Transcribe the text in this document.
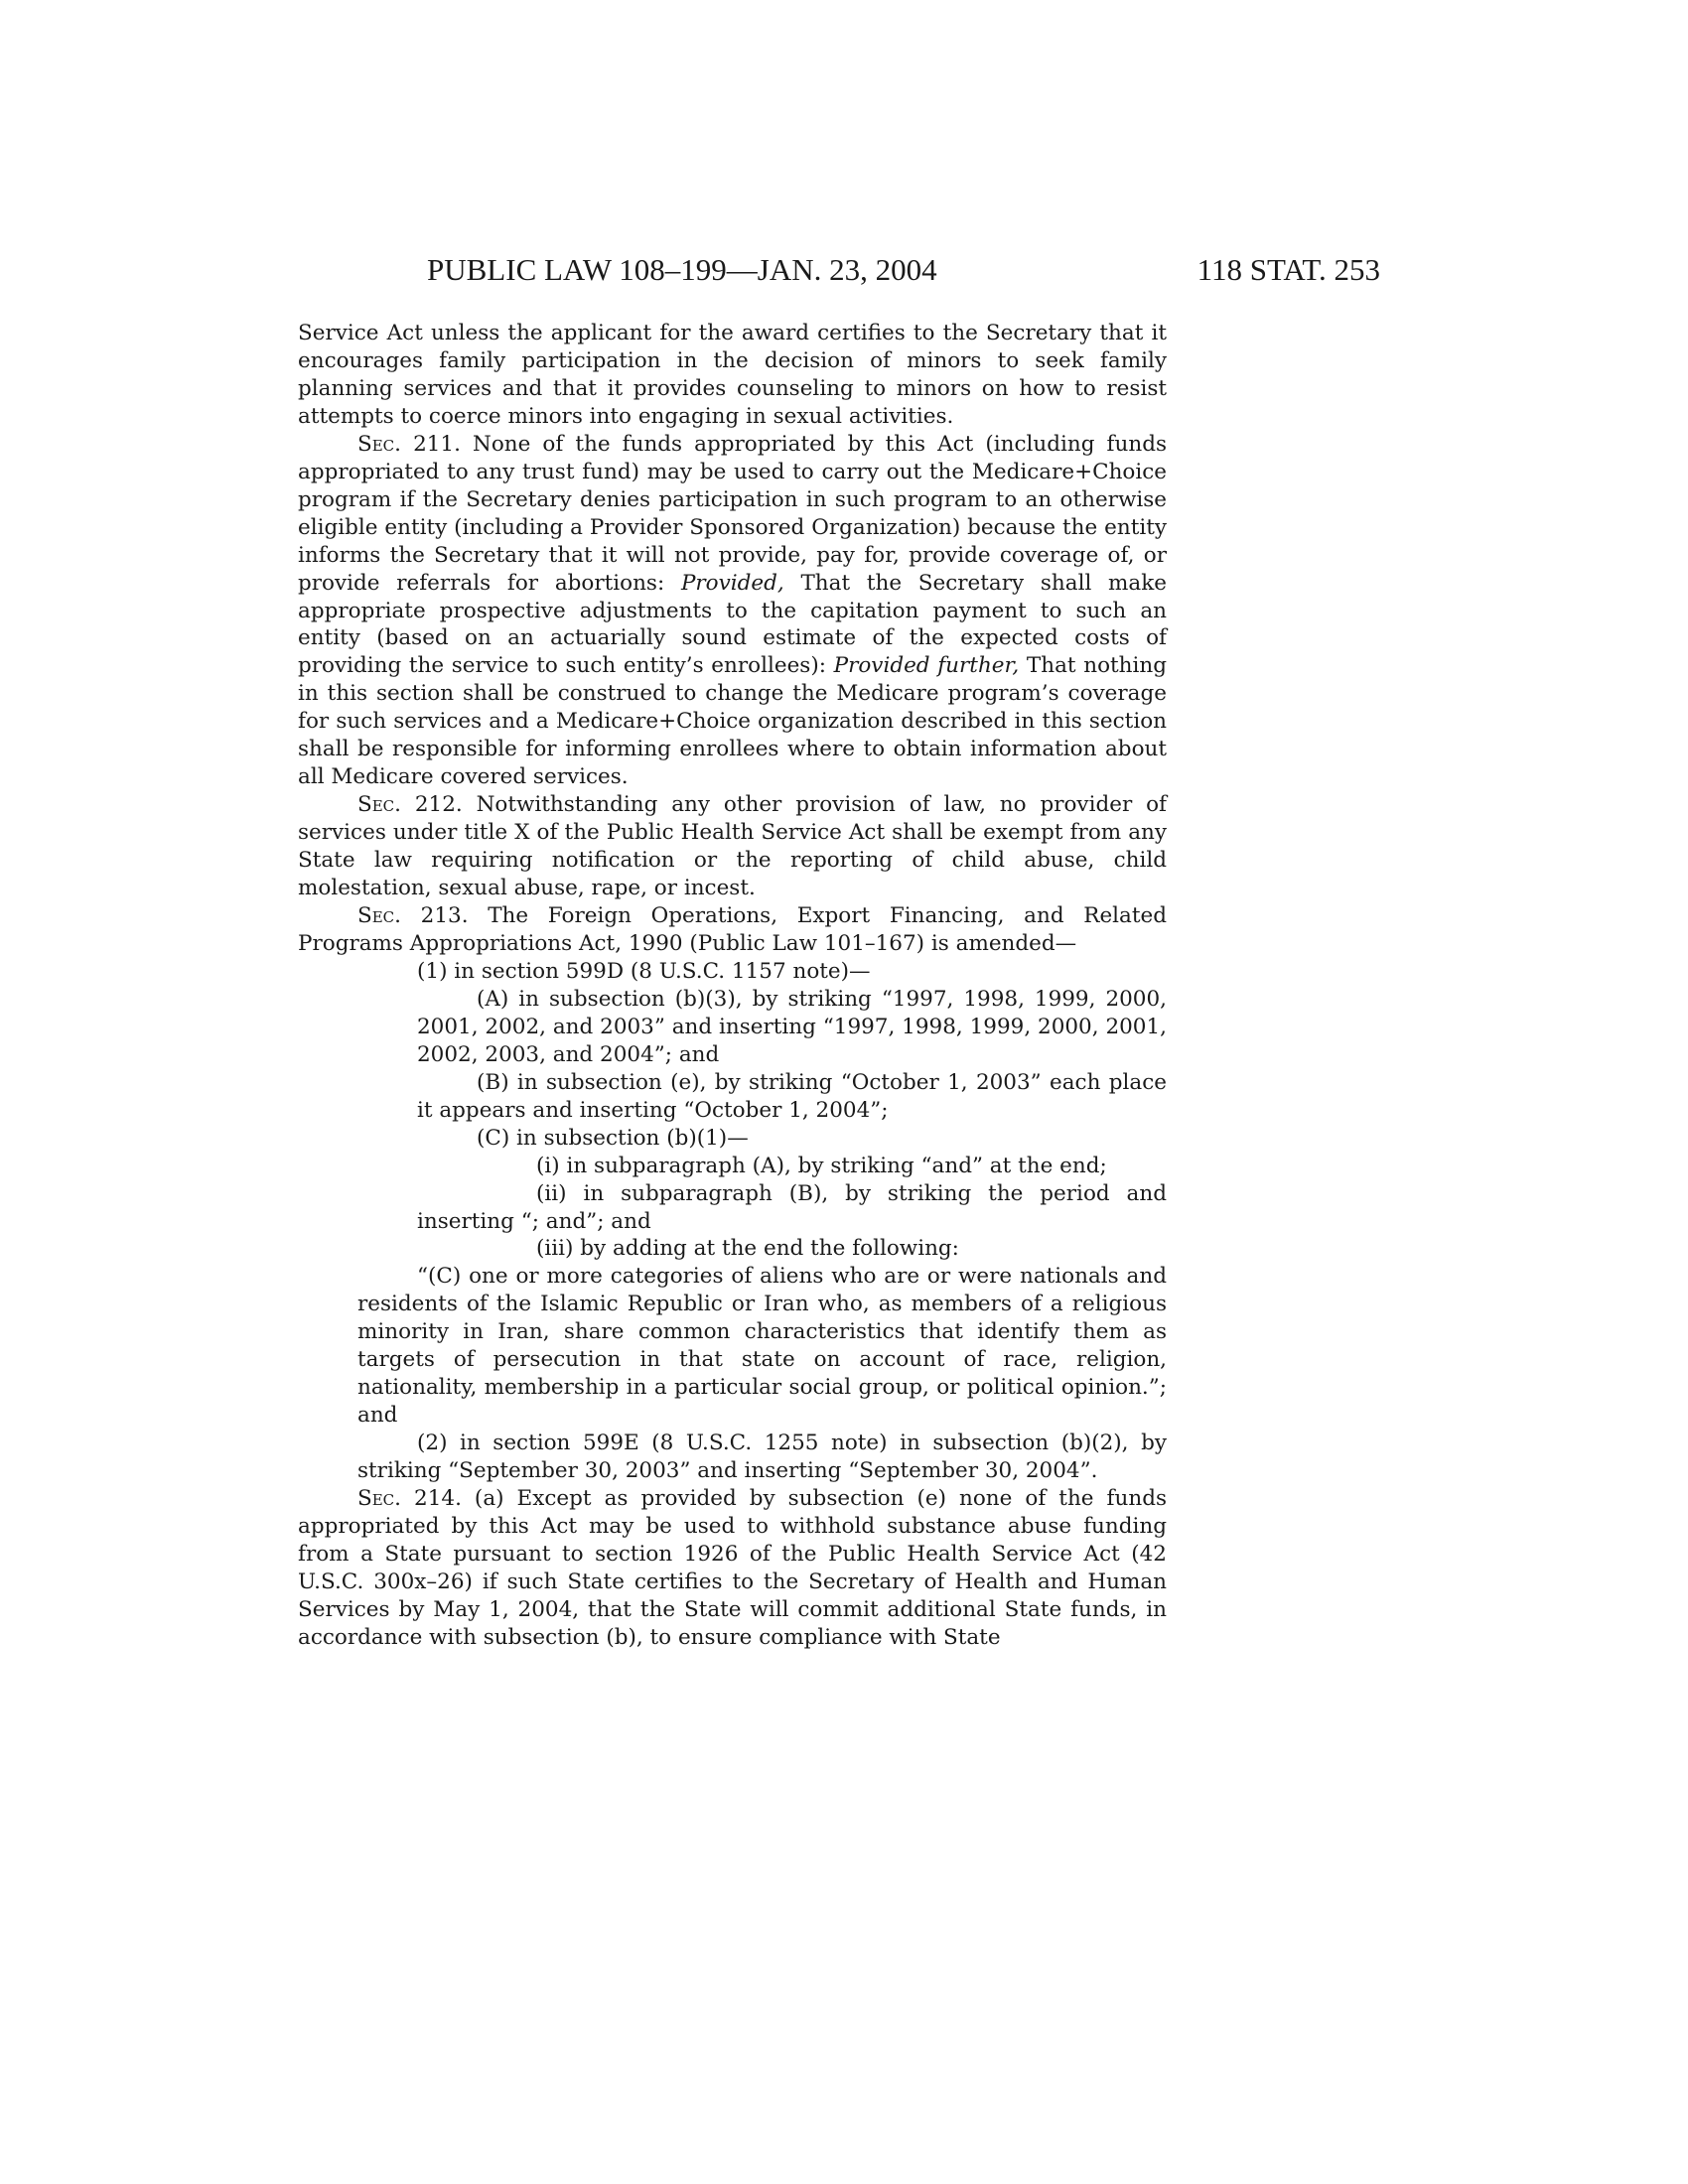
PUBLIC LAW 108–199—JAN. 23, 2004	118 STAT. 253

Service Act unless the applicant for the award certifies to the Secretary that it encourages family participation in the decision of minors to seek family planning services and that it provides counseling to minors on how to resist attempts to coerce minors into engaging in sexual activities.

Sec. 211. None of the funds appropriated by this Act (including funds appropriated to any trust fund) may be used to carry out the Medicare+Choice program if the Secretary denies participation in such program to an otherwise eligible entity (including a Provider Sponsored Organization) because the entity informs the Secretary that it will not provide, pay for, provide coverage of, or provide referrals for abortions: Provided, That the Secretary shall make appropriate prospective adjustments to the capitation payment to such an entity (based on an actuarially sound estimate of the expected costs of providing the service to such entity’s enrollees): Provided further, That nothing in this section shall be construed to change the Medicare program’s coverage for such services and a Medicare+Choice organization described in this section shall be responsible for informing enrollees where to obtain information about all Medicare covered services.

Sec. 212. Notwithstanding any other provision of law, no provider of services under title X of the Public Health Service Act shall be exempt from any State law requiring notification or the reporting of child abuse, child molestation, sexual abuse, rape, or incest.

Sec. 213. The Foreign Operations, Export Financing, and Related Programs Appropriations Act, 1990 (Public Law 101–167) is amended—

(1) in section 599D (8 U.S.C. 1157 note)—

(A) in subsection (b)(3), by striking “1997, 1998, 1999, 2000, 2001, 2002, and 2003” and inserting “1997, 1998, 1999, 2000, 2001, 2002, 2003, and 2004”; and

(B) in subsection (e), by striking “October 1, 2003” each place it appears and inserting “October 1, 2004”;

(C) in subsection (b)(1)—

(i) in subparagraph (A), by striking “and” at the end;

(ii) in subparagraph (B), by striking the period and inserting “; and”; and

(iii) by adding at the end the following:

“(C) one or more categories of aliens who are or were nationals and residents of the Islamic Republic or Iran who, as members of a religious minority in Iran, share common characteristics that identify them as targets of persecution in that state on account of race, religion, nationality, membership in a particular social group, or political opinion.”; and

(2) in section 599E (8 U.S.C. 1255 note) in subsection (b)(2), by striking “September 30, 2003” and inserting “September 30, 2004”.

Sec. 214. (a) Except as provided by subsection (e) none of the funds appropriated by this Act may be used to withhold substance abuse funding from a State pursuant to section 1926 of the Public Health Service Act (42 U.S.C. 300x–26) if such State certifies to the Secretary of Health and Human Services by May 1, 2004, that the State will commit additional State funds, in accordance with subsection (b), to ensure compliance with State
